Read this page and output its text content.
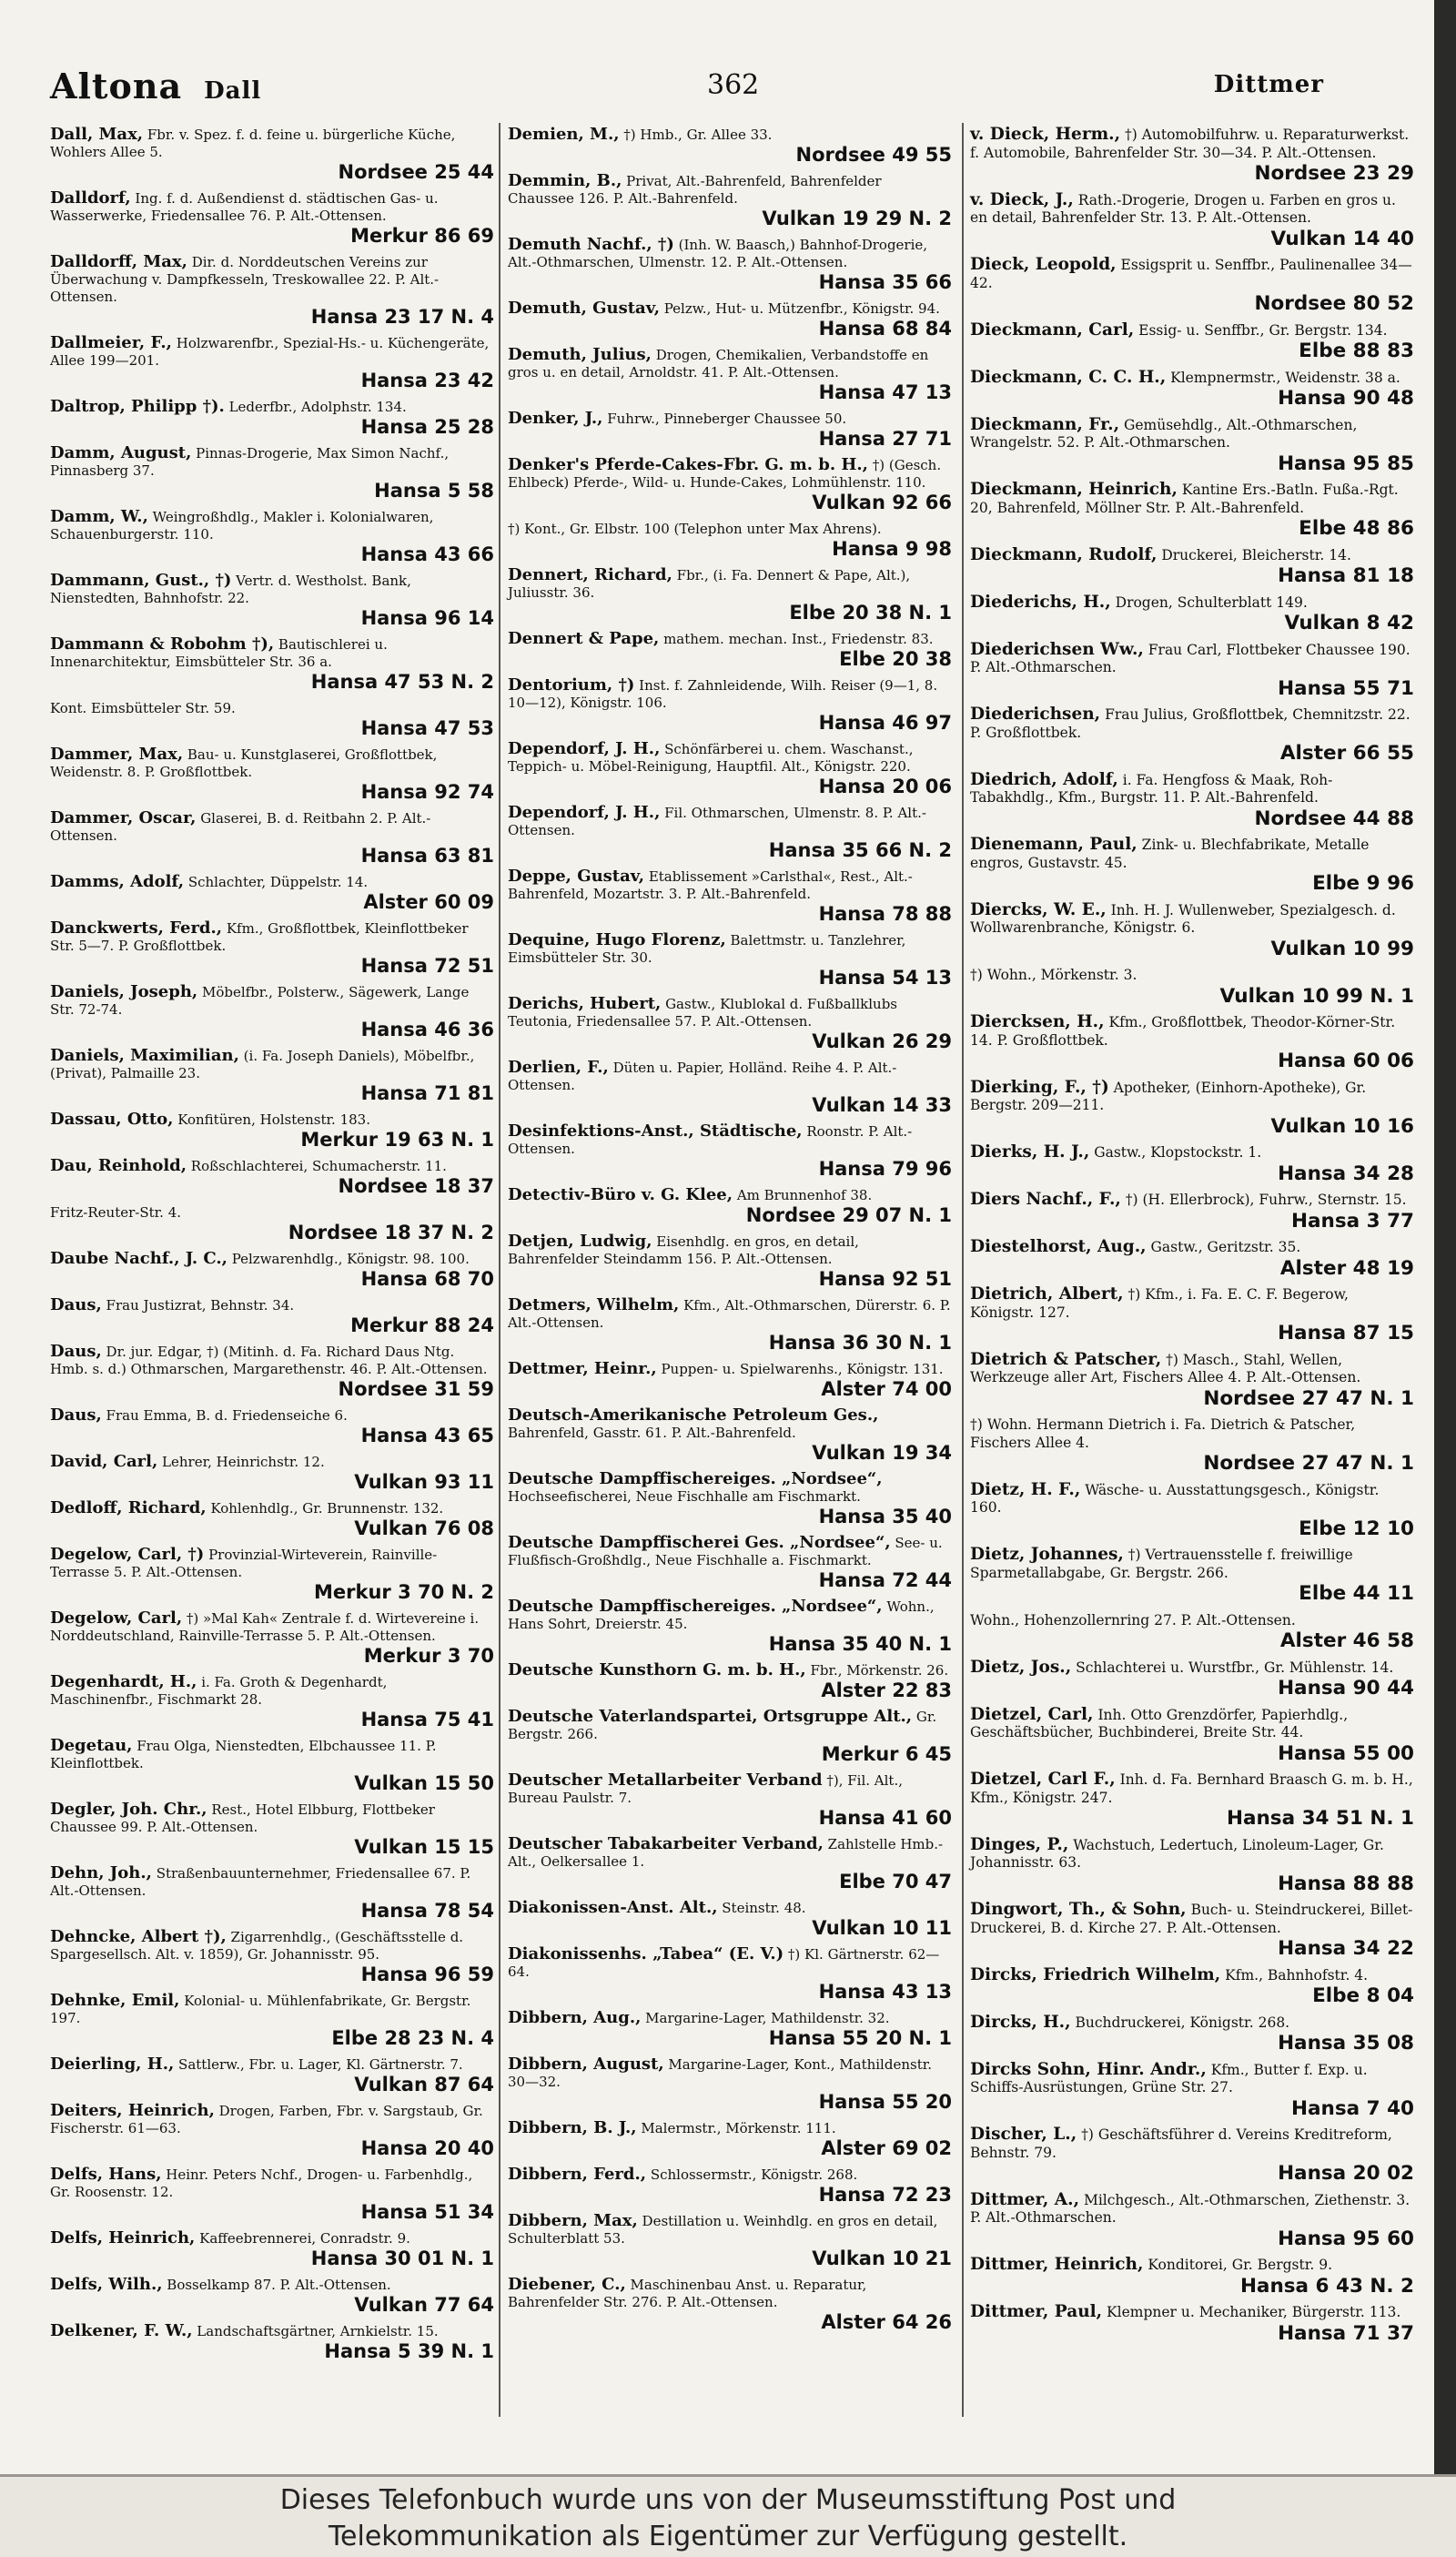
Altona Dall	362	Dittmer
Dall, Max, Fbr. v. Spez. f. d. feine u. bürgerliche Küche, Wohlers Allee 5.
Nordsee 25 44
Dalldorf, Ing. f. d. Außendienst d. städtischen Gas- u. Wasserwerke, Friedensallee 76. P. Alt.-Ottensen.
Merkur 86 69
Dalldorff, Max, Dir. d. Norddeutschen Vereins zur Überwachung v. Dampfkesseln, Treskowallee 22. P. Alt.-Ottensen.
Hansa 23 17 N. 4
Dallmeier, F., Holzwarenfbr., Spezial-Hs.- u. Küchengeräte, Allee 199—201.
Hansa 23 42
Daltrop, Philipp †). Lederfbr., Adolphstr. 134.
Hansa 25 28
Damm, August, Pinnas-Drogerie, Max Simon Nachf., Pinnasberg 37.
Hansa 5 58
Damm, W., Weingroßhdlg., Makler i. Kolonialwaren, Schauenburgerstr. 110.
Hansa 43 66
Dammann, Gust., †) Vertr. d. Westholst. Bank, Nienstedten, Bahnhofstr. 22.
Hansa 96 14
Dammann & Robohm †), Bautischlerei u. Innenarchitektur, Eimsbütteler Str. 36 a.
Hansa 47 53 N. 2
Kont. Eimsbütteler Str. 59.
Hansa 47 53
Dammer, Max, Bau- u. Kunstglaserei, Großflottbek, Weidenstr. 8. P. Großflottbek.
Hansa 92 74
Dammer, Oscar, Glaserei, B. d. Reitbahn 2. P. Alt.-Ottensen.
Hansa 63 81
Damms, Adolf, Schlachter, Düppelstr. 14.
Alster 60 09
Danckwerts, Ferd., Kfm., Großflottbek, Kleinflottbeker Str. 5—7. P. Großflottbek.
Hansa 72 51
Daniels, Joseph, Möbelfbr., Polsterw., Sägewerk, Lange Str. 72-74.
Hansa 46 36
Daniels, Maximilian, (i. Fa. Joseph Daniels), Möbelfbr., (Privat), Palmaille 23.
Hansa 71 81
Dassau, Otto, Konfitüren, Holstenstr. 183.
Merkur 19 63 N. 1
Dau, Reinhold, Roßschlachterei, Schumacherstr. 11.
Nordsee 18 37
Fritz-Reuter-Str. 4.
Nordsee 18 37 N. 2
Daube Nachf., J. C., Pelzwarenhdlg., Königstr. 98. 100.
Hansa 68 70
Daus, Frau Justizrat, Behnstr. 34.
Merkur 88 24
Daus, Dr. jur. Edgar, †) (Mitinh. d. Fa. Richard Daus Ntg. Hmb. s. d.) Othmarschen, Margarethenstr. 46. P. Alt.-Ottensen.
Nordsee 31 59
Daus, Frau Emma, B. d. Friedenseiche 6.
Hansa 43 65
David, Carl, Lehrer, Heinrichstr. 12.
Vulkan 93 11
Dedloff, Richard, Kohlenhdlg., Gr. Brunnenstr. 132.
Vulkan 76 08
Degelow, Carl, †) Provinzial-Wirteverein, Rainville-Terrasse 5. P. Alt.-Ottensen.
Merkur 3 70 N. 2
Degelow, Carl, †) »Mal Kah« Zentrale f. d. Wirtevereine i. Norddeutschland, Rainville-Terrasse 5. P. Alt.-Ottensen.
Merkur 3 70
Degenhardt, H., i. Fa. Groth & Degenhardt, Maschinenfbr., Fischmarkt 28.
Hansa 75 41
Degetau, Frau Olga, Nienstedten, Elbchaussee 11. P. Kleinflottbek.
Vulkan 15 50
Degler, Joh. Chr., Rest., Hotel Elbburg, Flottbeker Chaussee 99. P. Alt.-Ottensen.
Vulkan 15 15
Dehn, Joh., Straßenbauunternehmer, Friedensallee 67. P. Alt.-Ottensen.
Hansa 78 54
Dehncke, Albert †), Zigarrenhdlg., (Geschäftsstelle d. Spargesellsch. Alt. v. 1859), Gr. Johannisstr. 95.
Hansa 96 59
Dehnke, Emil, Kolonial- u. Mühlenfabrikate, Gr. Bergstr. 197.
Elbe 28 23 N. 4
Deierling, H., Sattlerw., Fbr. u. Lager, Kl. Gärtnerstr. 7.
Vulkan 87 64
Deiters, Heinrich, Drogen, Farben, Fbr. v. Sargstaub, Gr. Fischerstr. 61—63.
Hansa 20 40
Delfs, Hans, Heinr. Peters Nchf., Drogen- u. Farbenhdlg., Gr. Roosenstr. 12.
Hansa 51 34
Delfs, Heinrich, Kaffeebrennerei, Conradstr. 9.
Hansa 30 01 N. 1
Delfs, Wilh., Bosselkamp 87. P. Alt.-Ottensen.
Vulkan 77 64
Delkener, F. W., Landschaftsgärtner, Arnkielstr. 15.
Hansa 5 39 N. 1
Demien, M., †) Hmb., Gr. Allee 33.
Nordsee 49 55
Demmin, B., Privat, Alt.-Bahrenfeld, Bahrenfelder Chaussee 126. P. Alt.-Bahrenfeld.
Vulkan 19 29 N. 2
Demuth Nachf., †) (Inh. W. Baasch,) Bahnhof-Drogerie, Alt.-Othmarschen, Ulmenstr. 12. P. Alt.-Ottensen.
Hansa 35 66
Demuth, Gustav, Pelzw., Hut- u. Mützenfbr., Königstr. 94.
Hansa 68 84
Demuth, Julius, Drogen, Chemikalien, Verbandstoffe en gros u. en detail, Arnoldstr. 41. P. Alt.-Ottensen.
Hansa 47 13
Denker, J., Fuhrw., Pinneberger Chaussee 50.
Hansa 27 71
Denker's Pferde-Cakes-Fbr. G. m. b. H., †) (Gesch. Ehlbeck) Pferde-, Wild- u. Hunde-Cakes, Lohmühlenstr. 110.
Vulkan 92 66
†) Kont., Gr. Elbstr. 100 (Telephon unter Max Ahrens).
Hansa 9 98
Dennert, Richard, Fbr., (i. Fa. Dennert & Pape, Alt.), Juliusstr. 36.
Elbe 20 38 N. 1
Dennert & Pape, mathem. mechan. Inst., Friedenstr. 83.
Elbe 20 38
Dentorium, †) Inst. f. Zahnleidende, Wilh. Reiser (9—1, 8. 10—12), Königstr. 106.
Hansa 46 97
Dependorf, J. H., Schönfärberei u. chem. Waschanst., Teppich- u. Möbel-Reinigung, Hauptfil. Alt., Königstr. 220.
Hansa 20 06
Dependorf, J. H., Fil. Othmarschen, Ulmenstr. 8. P. Alt.-Ottensen.
Hansa 35 66 N. 2
Deppe, Gustav, Etablissement »Carlsthal«, Rest., Alt.-Bahrenfeld, Mozartstr. 3. P. Alt.-Bahrenfeld.
Hansa 78 88
Dequine, Hugo Florenz, Balettmstr. u. Tanzlehrer, Eimsbütteler Str. 30.
Hansa 54 13
Derichs, Hubert, Gastw., Klublokal d. Fußballklubs Teutonia, Friedensallee 57. P. Alt.-Ottensen.
Vulkan 26 29
Derlien, F., Düten u. Papier, Holländ. Reihe 4. P. Alt.-Ottensen.
Vulkan 14 33
Desinfektions-Anst., Städtische, Roonstr. P. Alt.-Ottensen.
Hansa 79 96
Detectiv-Büro v. G. Klee, Am Brunnenhof 38.
Nordsee 29 07 N. 1
Detjen, Ludwig, Eisenhdlg. en gros, en detail, Bahrenfelder Steindamm 156. P. Alt.-Ottensen.
Hansa 92 51
Detmers, Wilhelm, Kfm., Alt.-Othmarschen, Dürerstr. 6. P. Alt.-Ottensen.
Hansa 36 30 N. 1
Dettmer, Heinr., Puppen- u. Spielwarenhs., Königstr. 131.
Alster 74 00
Deutsch-Amerikanische Petroleum Ges., Bahrenfeld, Gasstr. 61. P. Alt.-Bahrenfeld.
Vulkan 19 34
Deutsche Dampffischereiges. „Nordsee“, Hochseefischerei, Neue Fischhalle am Fischmarkt.
Hansa 35 40
Deutsche Dampffischerei Ges. „Nordsee“, See- u. Flußfisch-Großhdlg., Neue Fischhalle a. Fischmarkt.
Hansa 72 44
Deutsche Dampffischereiges. „Nordsee“, Wohn., Hans Sohrt, Dreierstr. 45.
Hansa 35 40 N. 1
Deutsche Kunsthorn G. m. b. H., Fbr., Mörkenstr. 26.
Alster 22 83
Deutsche Vaterlandspartei, Ortsgruppe Alt., Gr. Bergstr. 266.
Merkur 6 45
Deutscher Metallarbeiter Verband †), Fil. Alt., Bureau Paulstr. 7.
Hansa 41 60
Deutscher Tabakarbeiter Verband, Zahlstelle Hmb.-Alt., Oelkersallee 1.
Elbe 70 47
Diakonissen-Anst. Alt., Steinstr. 48.
Vulkan 10 11
Diakonissenhs. „Tabea“ (E. V.) †) Kl. Gärtnerstr. 62—64.
Hansa 43 13
Dibbern, Aug., Margarine-Lager, Mathildenstr. 32.
Hansa 55 20 N. 1
Dibbern, August, Margarine-Lager, Kont., Mathildenstr. 30—32.
Hansa 55 20
Dibbern, B. J., Malermstr., Mörkenstr. 111.
Alster 69 02
Dibbern, Ferd., Schlossermstr., Königstr. 268.
Hansa 72 23
Dibbern, Max, Destillation u. Weinhdlg. en gros en detail, Schulterblatt 53.
Vulkan 10 21
Diebener, C., Maschinenbau Anst. u. Reparatur, Bahrenfelder Str. 276. P. Alt.-Ottensen.
Alster 64 26
v. Dieck, Herm., †) Automobilfuhrw. u. Reparaturwerkst. f. Automobile, Bahrenfelder Str. 30—34. P. Alt.-Ottensen.
Nordsee 23 29
v. Dieck, J., Rath.-Drogerie, Drogen u. Farben en gros u. en detail, Bahrenfelder Str. 13. P. Alt.-Ottensen.
Vulkan 14 40
Dieck, Leopold, Essigsprit u. Senffbr., Paulinenallee 34—42.
Nordsee 80 52
Dieckmann, Carl, Essig- u. Senffbr., Gr. Bergstr. 134.
Elbe 88 83
Dieckmann, C. C. H., Klempnermstr., Weidenstr. 38 a.
Hansa 90 48
Dieckmann, Fr., Gemüsehdlg., Alt.-Othmarschen, Wrangelstr. 52. P. Alt.-Othmarschen.
Hansa 95 85
Dieckmann, Heinrich, Kantine Ers.-Batln. Fußa.-Rgt. 20, Bahrenfeld, Möllner Str. P. Alt.-Bahrenfeld.
Elbe 48 86
Dieckmann, Rudolf, Druckerei, Bleicherstr. 14.
Hansa 81 18
Diederichs, H., Drogen, Schulterblatt 149.
Vulkan 8 42
Diederichsen Ww., Frau Carl, Flottbeker Chaussee 190. P. Alt.-Othmarschen.
Hansa 55 71
Diederichsen, Frau Julius, Großflottbek, Chemnitzstr. 22. P. Großflottbek.
Alster 66 55
Diedrich, Adolf, i. Fa. Hengfoss & Maak, Roh-Tabakhdlg., Kfm., Burgstr. 11. P. Alt.-Bahrenfeld.
Nordsee 44 88
Dienemann, Paul, Zink- u. Blechfabrikate, Metalle engros, Gustavstr. 45.
Elbe 9 96
Diercks, W. E., Inh. H. J. Wullenweber, Spezialgesch. d. Wollwarenbranche, Königstr. 6.
Vulkan 10 99
†) Wohn., Mörkenstr. 3.
Vulkan 10 99 N. 1
Diercksen, H., Kfm., Großflottbek, Theodor-Körner-Str. 14. P. Großflottbek.
Hansa 60 06
Dierking, F., †) Apotheker, (Einhorn-Apotheke), Gr. Bergstr. 209—211.
Vulkan 10 16
Dierks, H. J., Gastw., Klopstockstr. 1.
Hansa 34 28
Diers Nachf., F., †) (H. Ellerbrock), Fuhrw., Sternstr. 15.
Hansa 3 77
Diestelhorst, Aug., Gastw., Geritzstr. 35.
Alster 48 19
Dietrich, Albert, †) Kfm., i. Fa. E. C. F. Begerow, Königstr. 127.
Hansa 87 15
Dietrich & Patscher, †) Masch., Stahl, Wellen, Werkzeuge aller Art, Fischers Allee 4. P. Alt.-Ottensen.
Nordsee 27 47 N. 1
†) Wohn. Hermann Dietrich i. Fa. Dietrich & Patscher, Fischers Allee 4.
Nordsee 27 47 N. 1
Dietz, H. F., Wäsche- u. Ausstattungsgesch., Königstr. 160.
Elbe 12 10
Dietz, Johannes, †) Vertrauensstelle f. freiwillige Sparmetallabgabe, Gr. Bergstr. 266.
Elbe 44 11
Wohn., Hohenzollernring 27. P. Alt.-Ottensen.
Alster 46 58
Dietz, Jos., Schlachterei u. Wurstfbr., Gr. Mühlenstr. 14.
Hansa 90 44
Dietzel, Carl, Inh. Otto Grenzdörfer, Papierhdlg., Geschäftsbücher, Buchbinderei, Breite Str. 44.
Hansa 55 00
Dietzel, Carl F., Inh. d. Fa. Bernhard Braasch G. m. b. H., Kfm., Königstr. 247.
Hansa 34 51 N. 1
Dinges, P., Wachstuch, Ledertuch, Linoleum-Lager, Gr. Johannisstr. 63.
Hansa 88 88
Dingwort, Th., & Sohn, Buch- u. Steindruckerei, Billet-Druckerei, B. d. Kirche 27. P. Alt.-Ottensen.
Hansa 34 22
Dircks, Friedrich Wilhelm, Kfm., Bahnhofstr. 4.
Elbe 8 04
Dircks, H., Buchdruckerei, Königstr. 268.
Hansa 35 08
Dircks Sohn, Hinr. Andr., Kfm., Butter f. Exp. u. Schiffs-Ausrüstungen, Grüne Str. 27.
Hansa 7 40
Discher, L., †) Geschäftsführer d. Vereins Kreditreform, Behnstr. 79.
Hansa 20 02
Dittmer, A., Milchgesch., Alt.-Othmarschen, Ziethenstr. 3. P. Alt.-Othmarschen.
Hansa 95 60
Dittmer, Heinrich, Konditorei, Gr. Bergstr. 9.
Hansa 6 43 N. 2
Dittmer, Paul, Klempner u. Mechaniker, Bürgerstr. 113.
Hansa 71 37
Dieses Telefonbuch wurde uns von der Museumsstiftung Post und
Telekommunikation als Eigentümer zur Verfügung gestellt.
